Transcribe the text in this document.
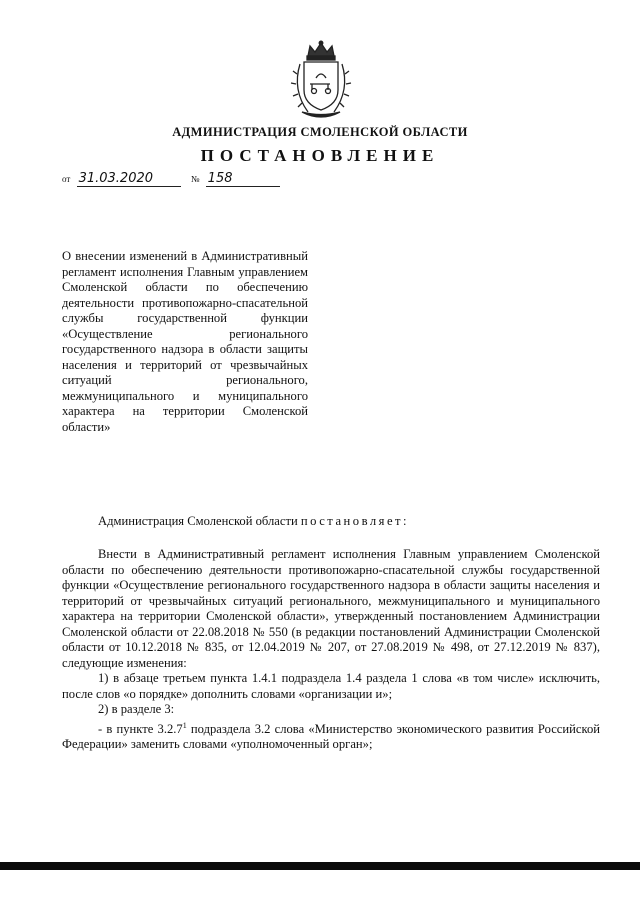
АДМИНИСТРАЦИЯ СМОЛЕНСКОЙ ОБЛАСТИ
ПОСТАНОВЛЕНИЕ
от 31.03.2020	№ 158
О внесении изменений в Административный регламент исполнения Главным управлением Смоленской области по обеспечению деятельности противопожарно-спасательной службы государственной функции «Осуществление регионального государственного надзора в области защиты населения и территорий от чрезвычайных ситуаций регионального, межмуниципального и муниципального характера на территории Смоленской области»

Администрация Смоленской области постановляет:

Внести в Административный регламент исполнения Главным управлением Смоленской области по обеспечению деятельности противопожарно-спасательной службы государственной функции «Осуществление регионального государственного надзора в области защиты населения и территорий от чрезвычайных ситуаций регионального, межмуниципального и муниципального характера на территории Смоленской области», утвержденный постановлением Администрации Смоленской области от 22.08.2018 № 550 (в редакции постановлений Администрации Смоленской области от 10.12.2018 № 835, от 12.04.2019 № 207, от 27.08.2019 № 498, от 27.12.2019 № 837), следующие изменения:

1) в абзаце третьем пункта 1.4.1 подраздела 1.4 раздела 1 слова «в том числе» исключить, после слов «о порядке» дополнить словами «организации и»;

2) в разделе 3:

- в пункте 3.2.7$^1$ подраздела 3.2 слова «Министерство экономического развития Российской Федерации» заменить словами «уполномоченный орган»;
